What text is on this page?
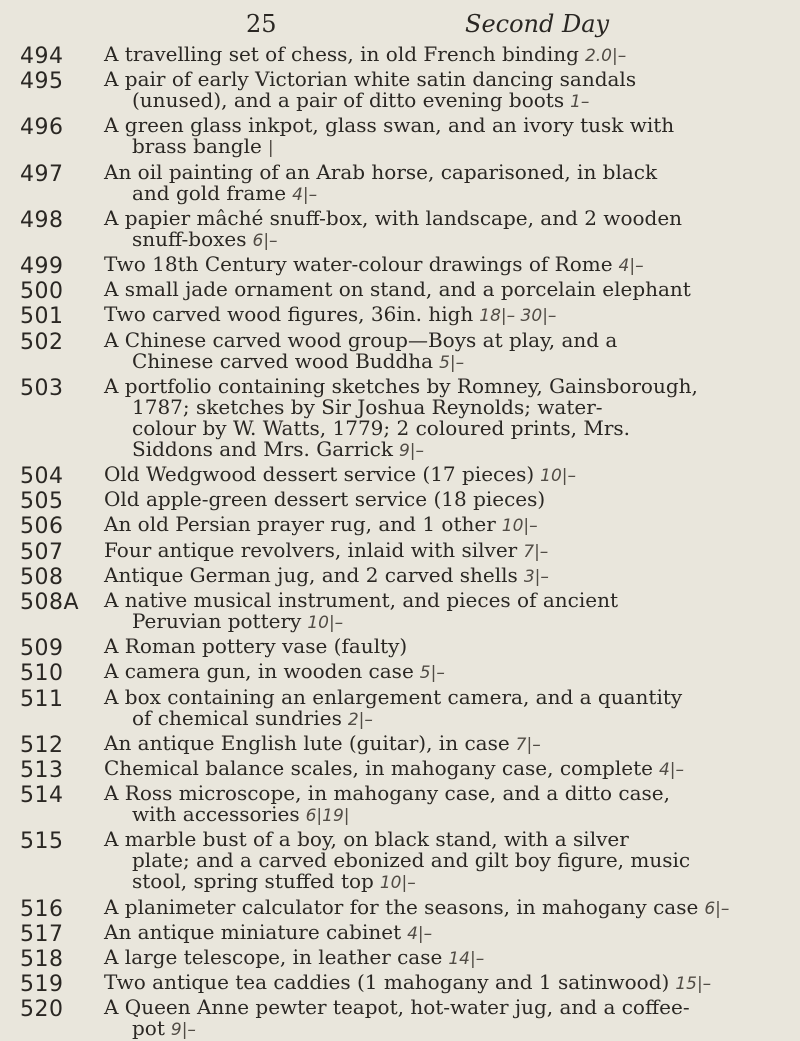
25	Second Day
494 A travelling set of chess, in old French binding 2.0|–
495 A pair of early Victorian white satin dancing sandals
(unused), and a pair of ditto evening boots 1–
496 A green glass inkpot, glass swan, and an ivory tusk with
brass bangle |
497 An oil painting of an Arab horse, caparisoned, in black
and gold frame 4|–
498 A papier mâché snuff-box, with landscape, and 2 wooden
snuff-boxes 6|–
499 Two 18th Century water-colour drawings of Rome 4|–
500 A small jade ornament on stand, and a porcelain elephant
501 Two carved wood figures, 36in. high 18|– 30|–
502 A Chinese carved wood group—Boys at play, and a
Chinese carved wood Buddha 5|–
503 A portfolio containing sketches by Romney, Gainsborough,
1787; sketches by Sir Joshua Reynolds; water-
colour by W. Watts, 1779; 2 coloured prints, Mrs.
Siddons and Mrs. Garrick 9|–
504 Old Wedgwood dessert service (17 pieces) 10|–
505 Old apple-green dessert service (18 pieces)
506 An old Persian prayer rug, and 1 other 10|–
507 Four antique revolvers, inlaid with silver 7|–
508 Antique German jug, and 2 carved shells 3|–
508A A native musical instrument, and pieces of ancient
Peruvian pottery 10|–
509 A Roman pottery vase (faulty)
510 A camera gun, in wooden case 5|–
511 A box containing an enlargement camera, and a quantity
of chemical sundries 2|–
512 An antique English lute (guitar), in case 7|–
513 Chemical balance scales, in mahogany case, complete 4|–
514 A Ross microscope, in mahogany case, and a ditto case,
with accessories 6|19|
515 A marble bust of a boy, on black stand, with a silver
plate; and a carved ebonized and gilt boy figure, music
stool, spring stuffed top 10|–
516 A planimeter calculator for the seasons, in mahogany case 6|–
517 An antique miniature cabinet 4|–
518 A large telescope, in leather case 14|–
519 Two antique tea caddies (1 mahogany and 1 satinwood) 15|–
520 A Queen Anne pewter teapot, hot-water jug, and a coffee-
pot 9|–
